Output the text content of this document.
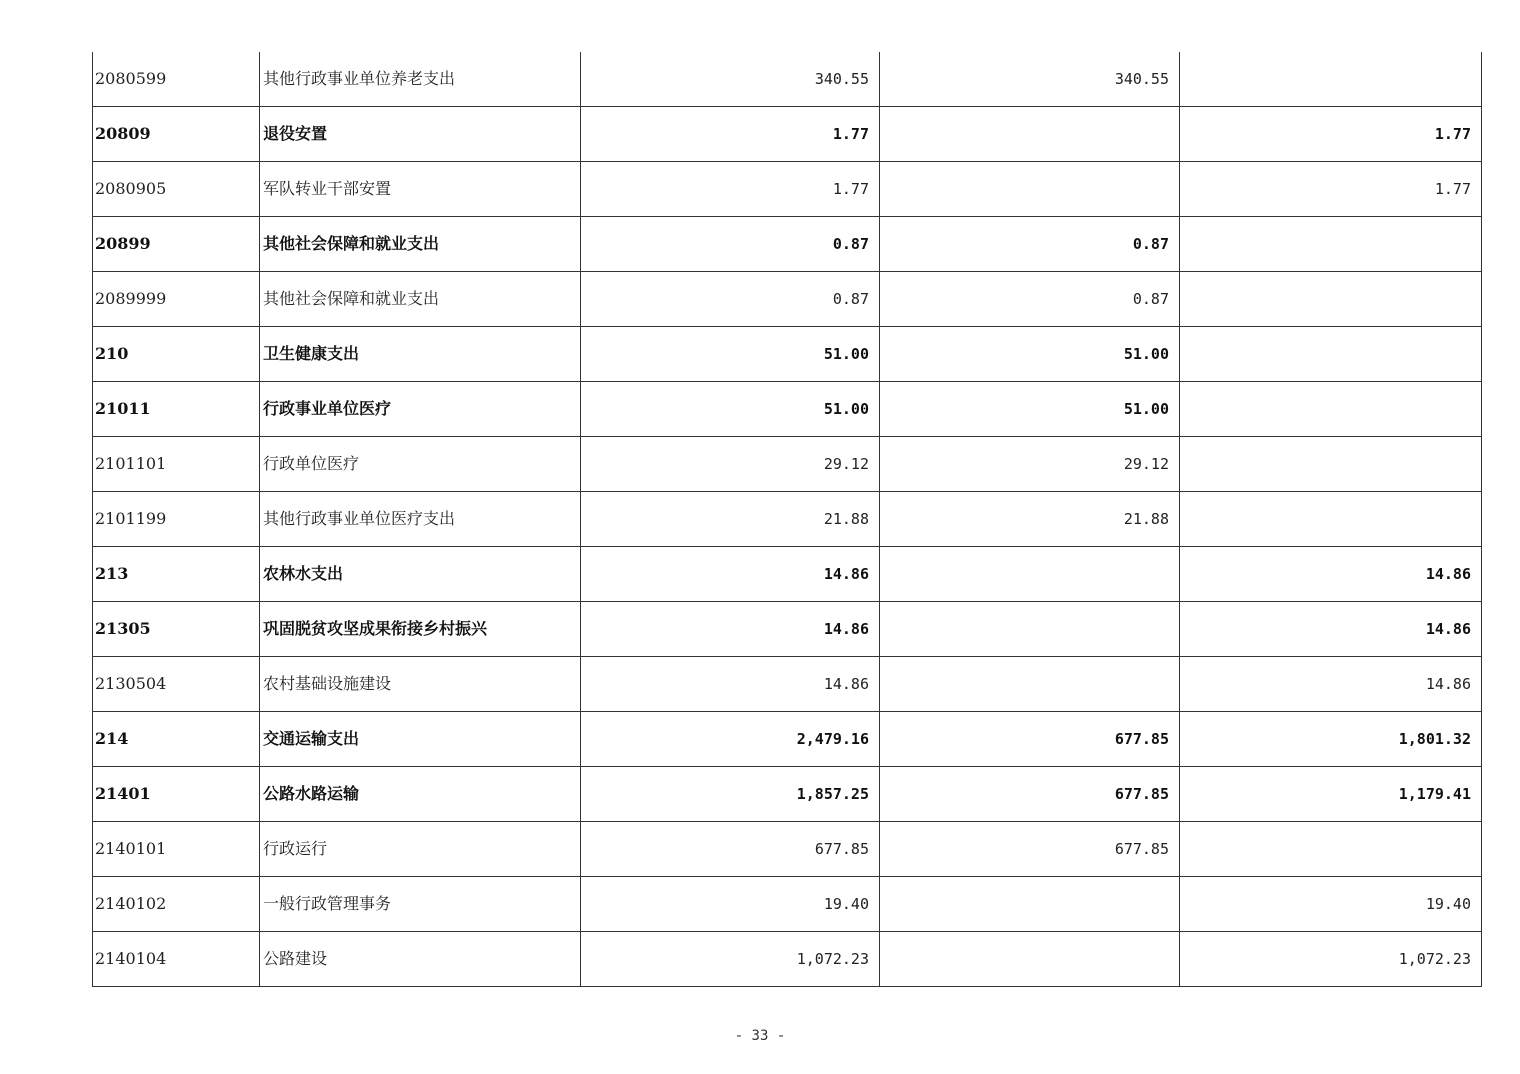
2080599	其他行政事业单位养老支出	340.55	340.55	
20809	退役安置	1.77		1.77
2080905	军队转业干部安置	1.77		1.77
20899	其他社会保障和就业支出	0.87	0.87	
2089999	其他社会保障和就业支出	0.87	0.87	
210	卫生健康支出	51.00	51.00	
21011	行政事业单位医疗	51.00	51.00	
2101101	行政单位医疗	29.12	29.12	
2101199	其他行政事业单位医疗支出	21.88	21.88	
213	农林水支出	14.86		14.86
21305	巩固脱贫攻坚成果衔接乡村振兴	14.86		14.86
2130504	农村基础设施建设	14.86		14.86
214	交通运输支出	2,479.16	677.85	1,801.32
21401	公路水路运输	1,857.25	677.85	1,179.41
2140101	行政运行	677.85	677.85	
2140102	一般行政管理事务	19.40		19.40
2140104	公路建设	1,072.23		1,072.23
- 33 -
